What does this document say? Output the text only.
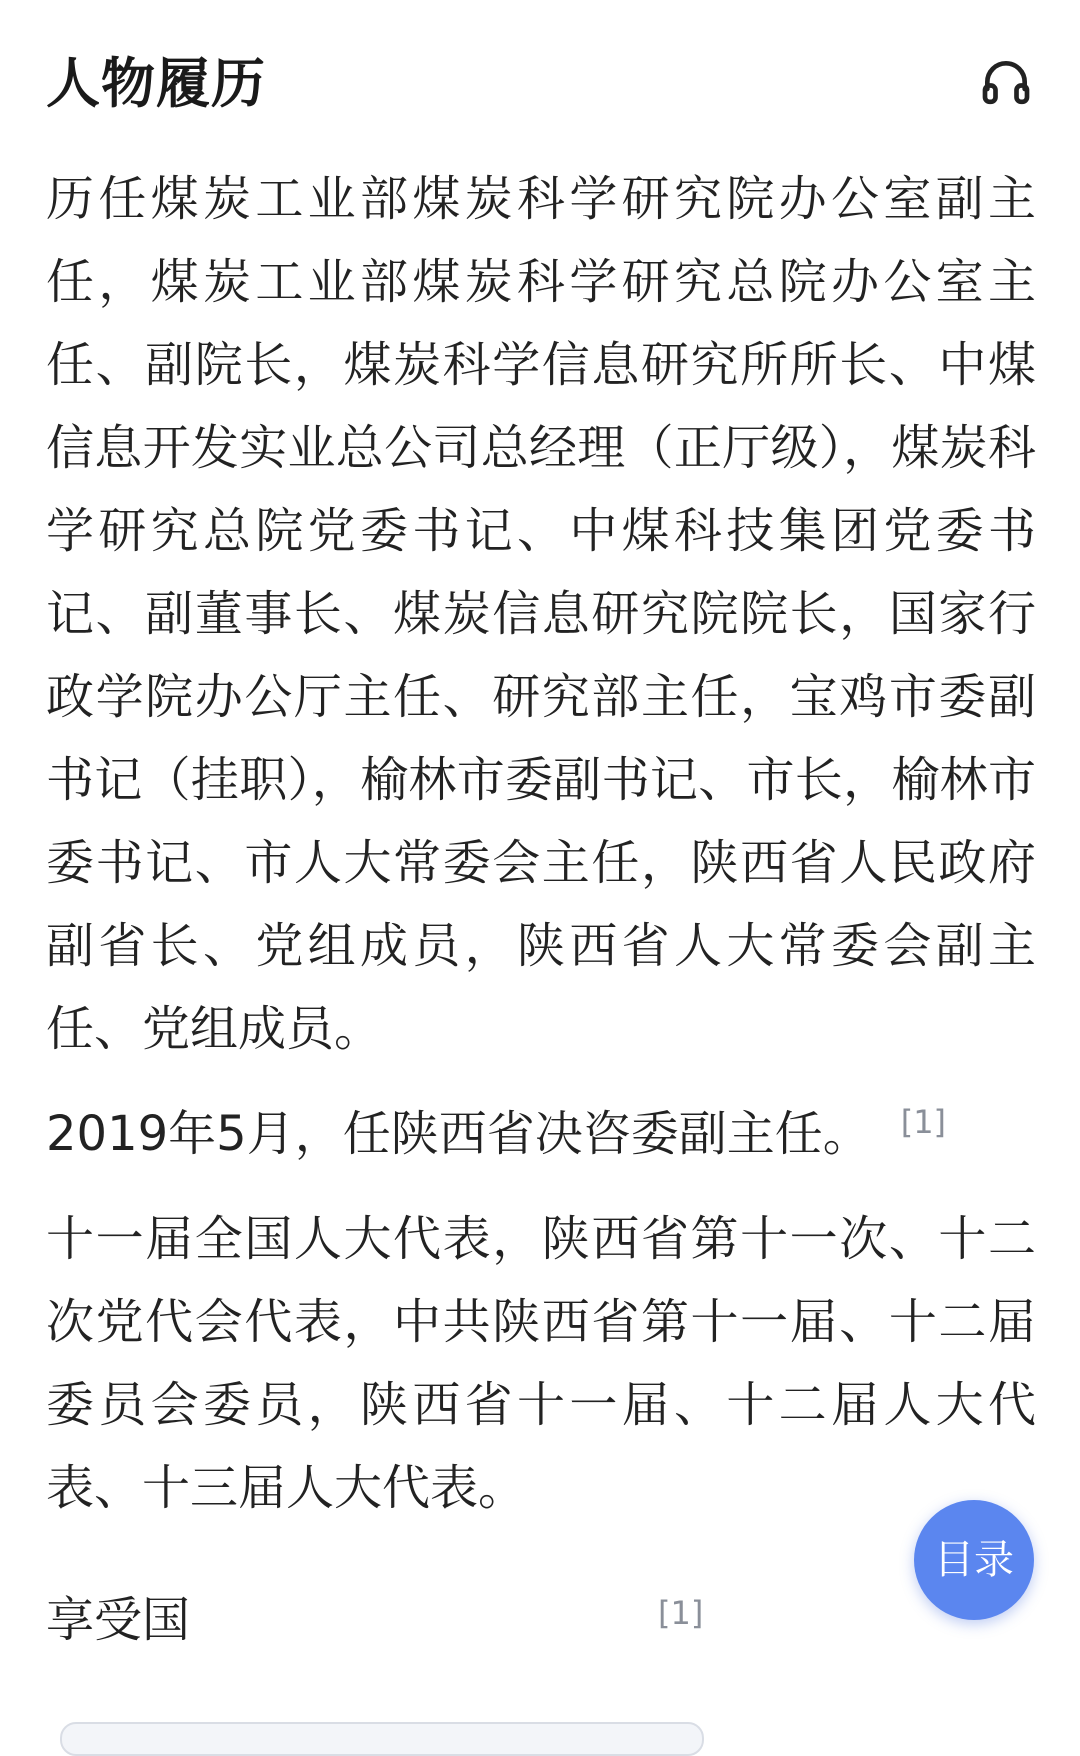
人物履历

历任煤炭工业部煤炭科学研究院办公室副主任，煤炭工业部煤炭科学研究总院办公室主任、副院长，煤炭科学信息研究所所长、中煤信息开发实业总公司总经理（正厅级），煤炭科学研究总院党委书记、中煤科技集团党委书记、副董事长、煤炭信息研究院院长，国家行政学院办公厅主任、研究部主任，宝鸡市委副书记（挂职），榆林市委副书记、市长，榆林市委书记、市人大常委会主任，陕西省人民政府副省长、党组成员，陕西省人大常委会副主任、党组成员。

2019年5月，任陕西省决咨委副主任。 [1]

十一届全国人大代表，陕西省第十一次、十二次党代会代表，中共陕西省第十一届、十二届委员会委员，陕西省十一届、十二届人大代表、十三届人大代表。

享受国	[1]
目录
